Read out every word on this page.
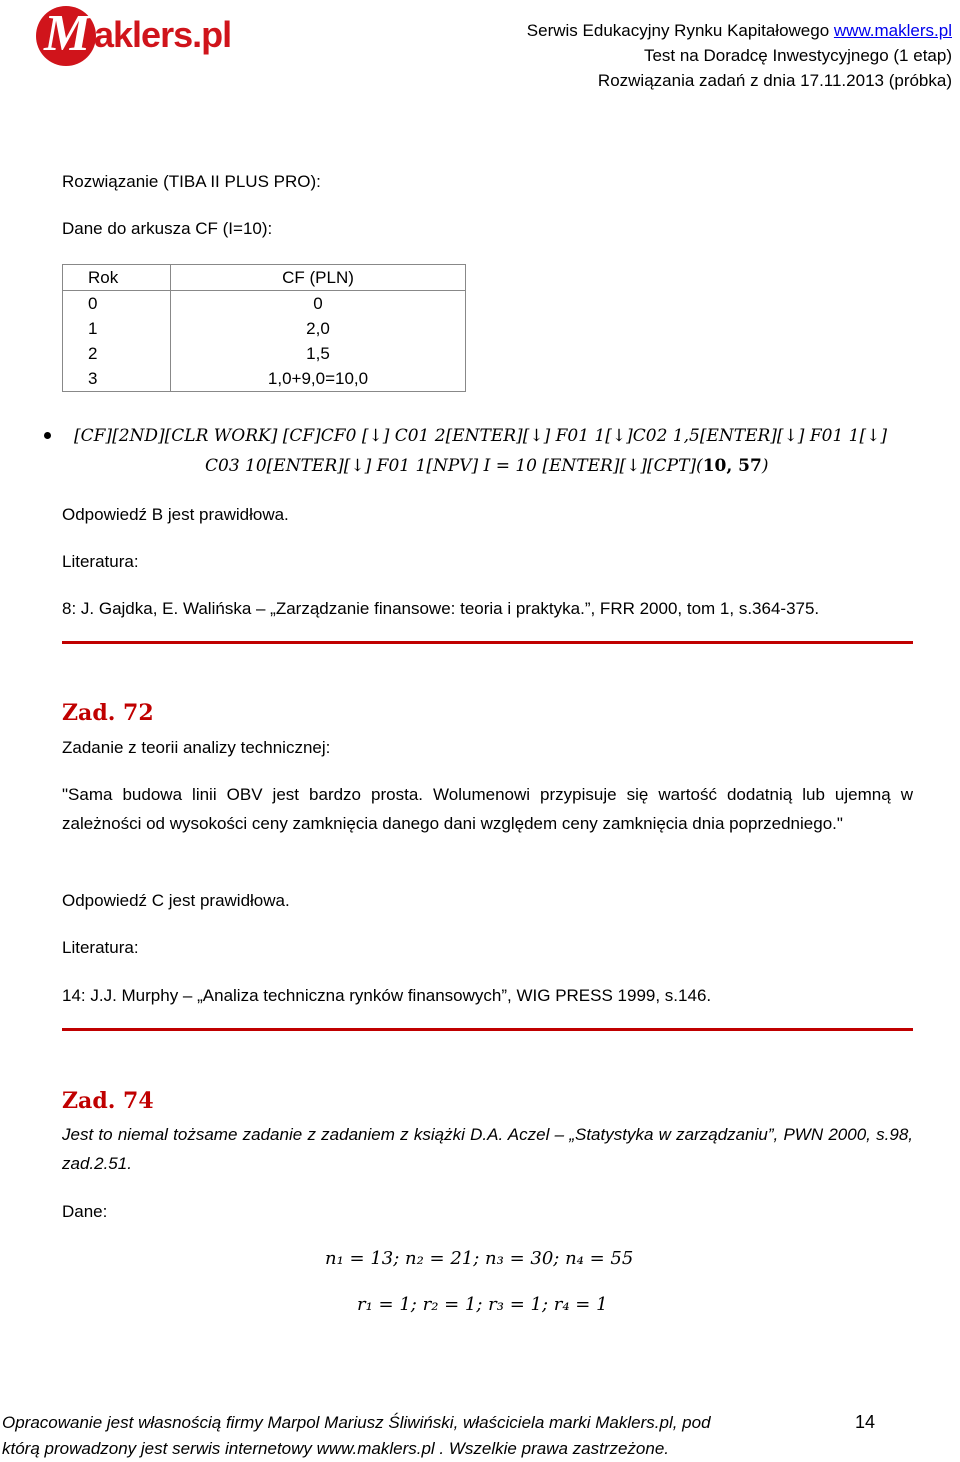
M aklers.pl	Serwis Edukacyjny Rynku Kapitałowego www.maklers.pl
Test na Doradcę Inwestycyjnego (1 etap)
Rozwiązania zadań z dnia 17.11.2013 (próbka)
Rozwiązanie (TIBA II PLUS PRO):
Dane do arkusza CF (I=10):
Rok	CF (PLN)
0	0
1	2,0
2	1,5
3	1,0+9,0=10,0
[CF][2ND][CLR WORK] [CF]CF0 [↓] C01 2[ENTER][↓] F01 1[↓]C02 1,5[ENTER][↓] F01 1[↓]
C03 10[ENTER][↓] F01 1[NPV] I = 10 [ENTER][↓][CPT](10, 57)
Odpowiedź B jest prawidłowa.
Literatura:
8: J. Gajdka, E. Walińska – „Zarządzanie finansowe: teoria i praktyka.”, FRR 2000, tom 1, s.364-375.
Zad. 72
Zadanie z teorii analizy technicznej:
"Sama budowa linii OBV jest bardzo prosta. Wolumenowi przypisuje się wartość dodatnią lub ujemną w zależności od wysokości ceny zamknięcia danego dani względem ceny zamknięcia dnia poprzedniego."
Odpowiedź C jest prawidłowa.
Literatura:
14: J.J. Murphy – „Analiza techniczna rynków finansowych”, WIG PRESS 1999, s.146.
Zad. 74
Jest to niemal tożsame zadanie z zadaniem z książki D.A. Aczel – „Statystyka w zarządzaniu”, PWN 2000, s.98, zad.2.51.
Dane:
n₁ = 13; n₂ = 21; n₃ = 30; n₄ = 55
r₁ = 1; r₂ = 1; r₃ = 1; r₄ = 1
Opracowanie jest własnością firmy Marpol Mariusz Śliwiński, właściciela marki Maklers.pl, pod
którą prowadzony jest serwis internetowy www.maklers.pl . Wszelkie prawa zastrzeżone.
14
